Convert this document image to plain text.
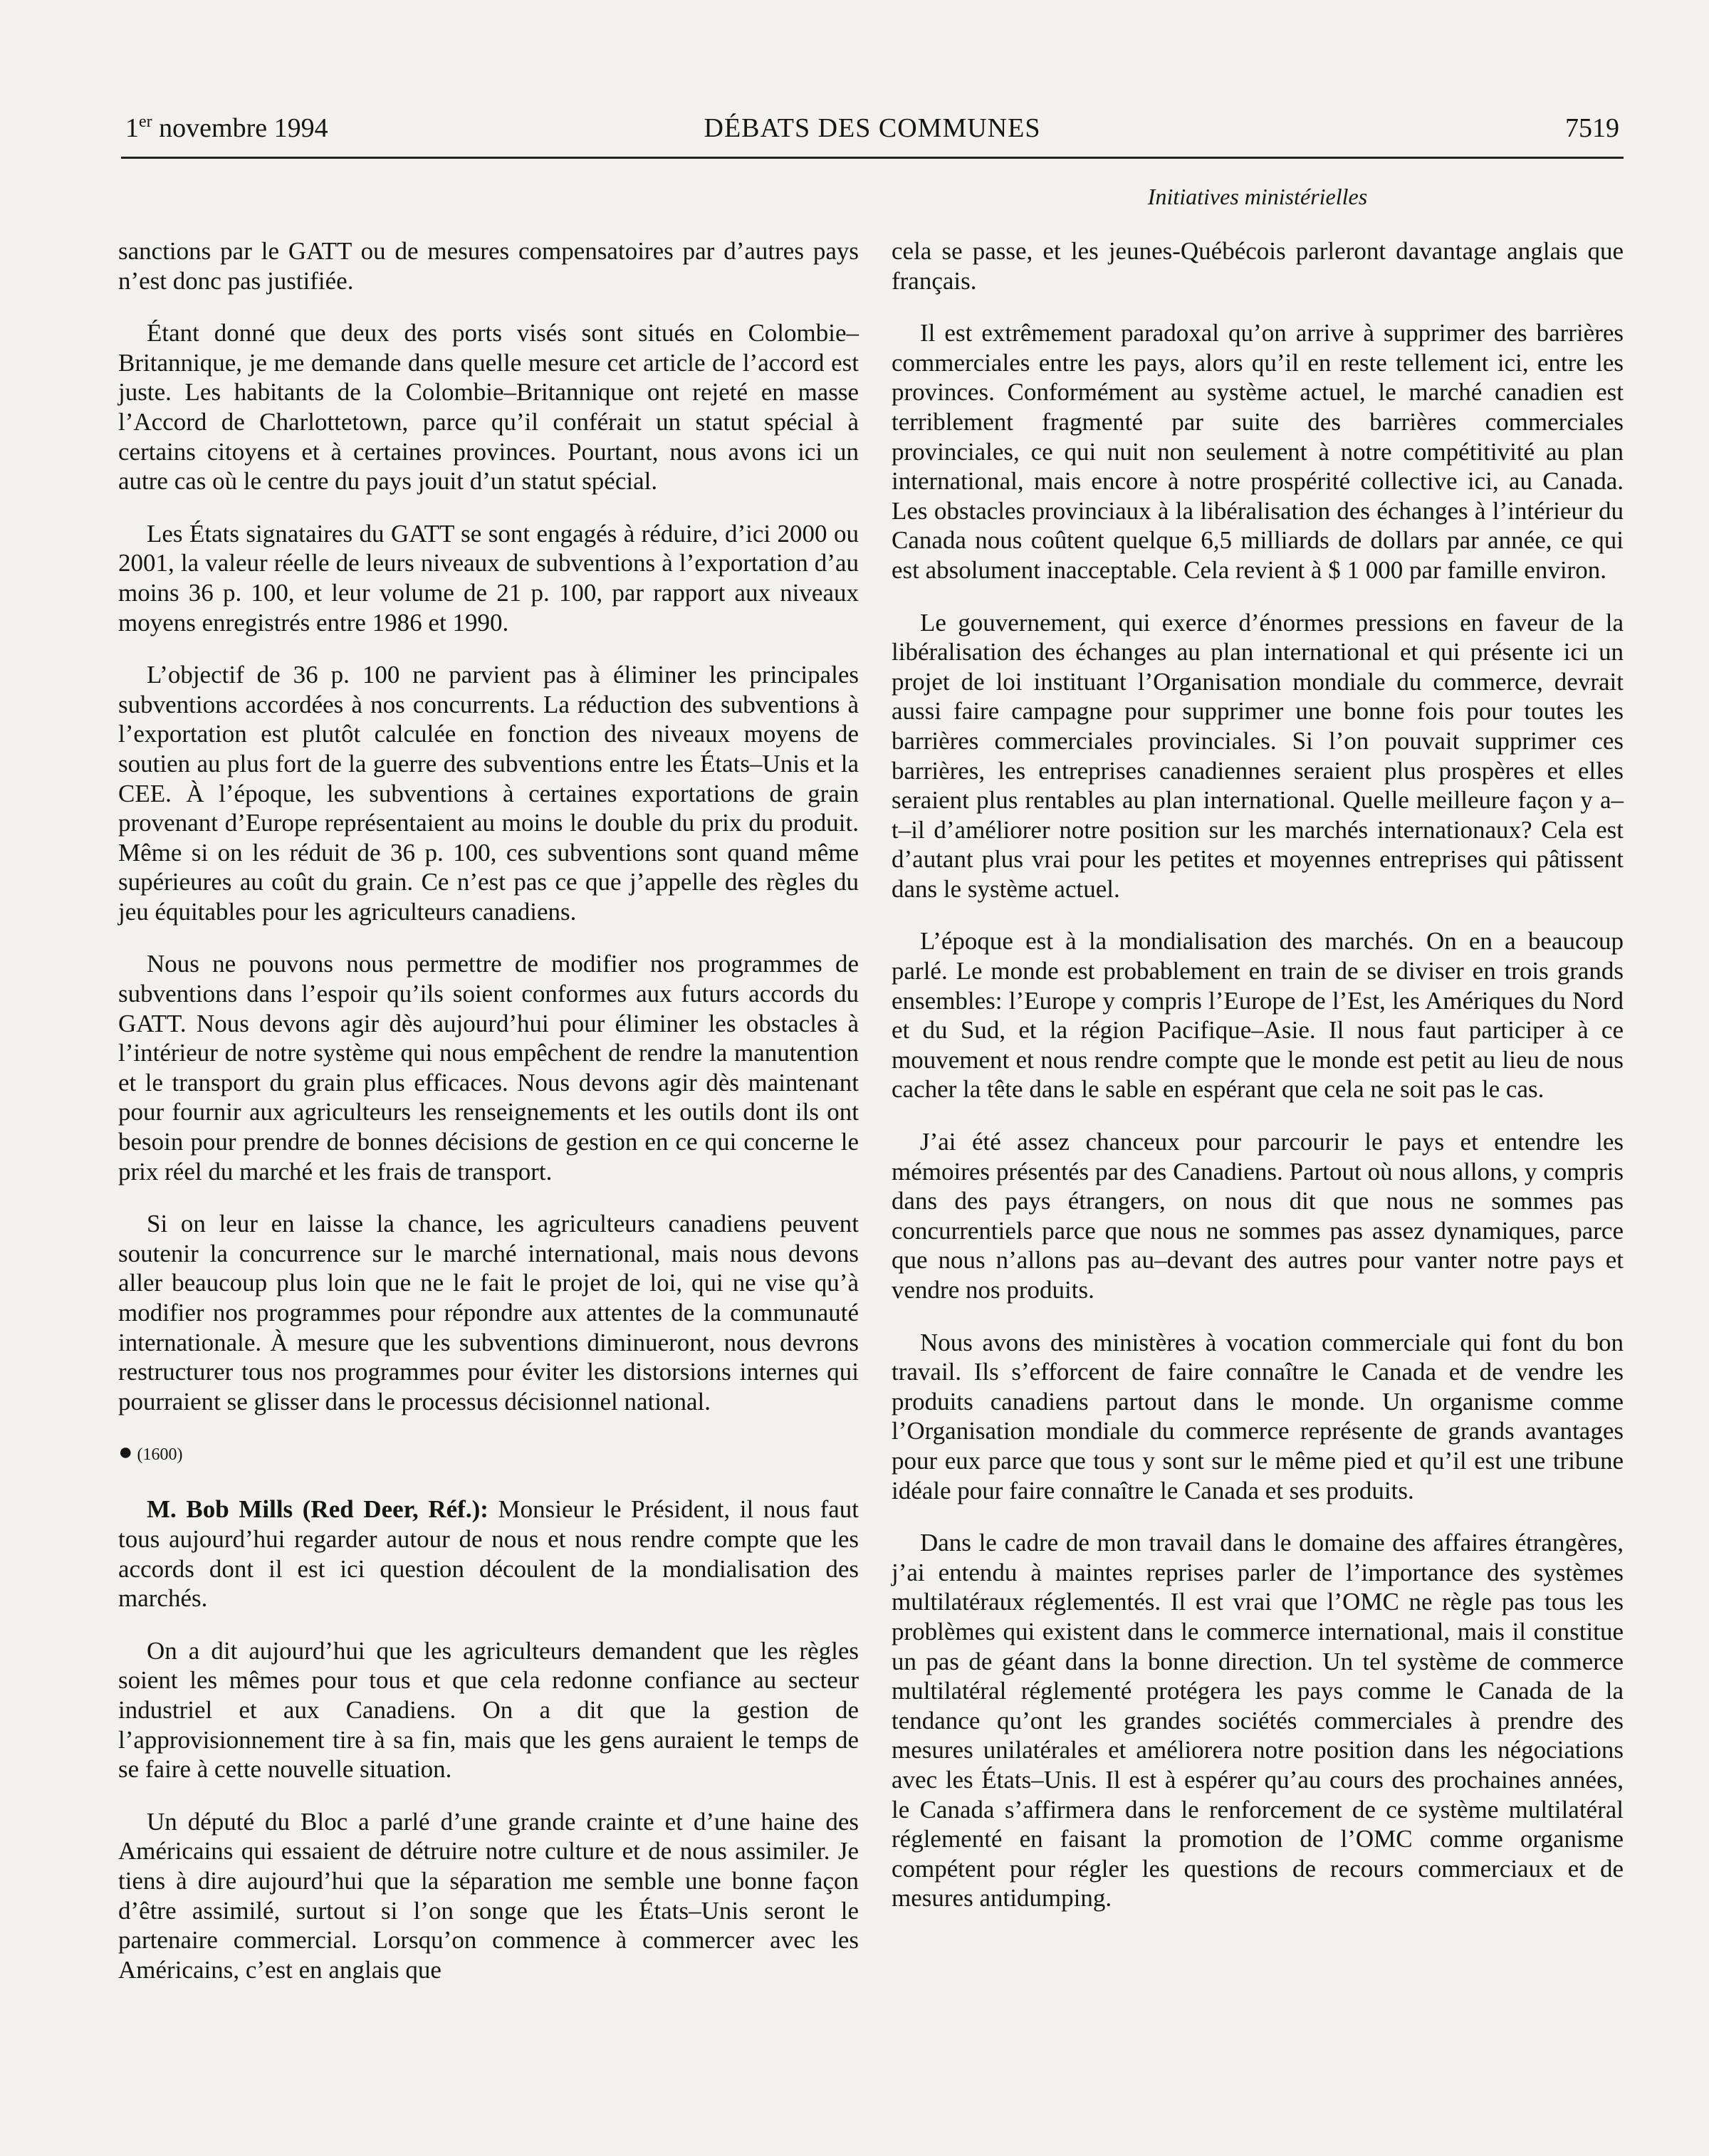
1er novembre 1994	DÉBATS DES COMMUNES	7519
Initiatives ministérielles

sanctions par le GATT ou de mesures compensatoires par d’autres pays n’est donc pas justifiée.

Étant donné que deux des ports visés sont situés en Colombie–Britannique, je me demande dans quelle mesure cet article de l’accord est juste. Les habitants de la Colombie–Britannique ont rejeté en masse l’Accord de Charlottetown, parce qu’il conférait un statut spécial à certains citoyens et à certaines provinces. Pourtant, nous avons ici un autre cas où le centre du pays jouit d’un statut spécial.

Les États signataires du GATT se sont engagés à réduire, d’ici 2000 ou 2001, la valeur réelle de leurs niveaux de subventions à l’exportation d’au moins 36 p. 100, et leur volume de 21 p. 100, par rapport aux niveaux moyens enregistrés entre 1986 et 1990.

L’objectif de 36 p. 100 ne parvient pas à éliminer les principales subventions accordées à nos concurrents. La réduction des subventions à l’exportation est plutôt calculée en fonction des niveaux moyens de soutien au plus fort de la guerre des subventions entre les États–Unis et la CEE. À l’époque, les subventions à certaines exportations de grain provenant d’Europe représentaient au moins le double du prix du produit. Même si on les réduit de 36 p. 100, ces subventions sont quand même supérieures au coût du grain. Ce n’est pas ce que j’appelle des règles du jeu équitables pour les agriculteurs canadiens.

Nous ne pouvons nous permettre de modifier nos programmes de subventions dans l’espoir qu’ils soient conformes aux futurs accords du GATT. Nous devons agir dès aujourd’hui pour éliminer les obstacles à l’intérieur de notre système qui nous empêchent de rendre la manutention et le transport du grain plus efficaces. Nous devons agir dès maintenant pour fournir aux agriculteurs les renseignements et les outils dont ils ont besoin pour prendre de bonnes décisions de gestion en ce qui concerne le prix réel du marché et les frais de transport.

Si on leur en laisse la chance, les agriculteurs canadiens peuvent soutenir la concurrence sur le marché international, mais nous devons aller beaucoup plus loin que ne le fait le projet de loi, qui ne vise qu’à modifier nos programmes pour répondre aux attentes de la communauté internationale. À mesure que les subventions diminueront, nous devrons restructurer tous nos programmes pour éviter les distorsions internes qui pourraient se glisser dans le processus décisionnel national.

● (1600)

M. Bob Mills (Red Deer, Réf.): Monsieur le Président, il nous faut tous aujourd’hui regarder autour de nous et nous rendre compte que les accords dont il est ici question découlent de la mondialisation des marchés.

On a dit aujourd’hui que les agriculteurs demandent que les règles soient les mêmes pour tous et que cela redonne confiance au secteur industriel et aux Canadiens. On a dit que la gestion de l’approvisionnement tire à sa fin, mais que les gens auraient le temps de se faire à cette nouvelle situation.

Un député du Bloc a parlé d’une grande crainte et d’une haine des Américains qui essaient de détruire notre culture et de nous assimiler. Je tiens à dire aujourd’hui que la séparation me semble une bonne façon d’être assimilé, surtout si l’on songe que les États–Unis seront le partenaire commercial. Lorsqu’on commence à commercer avec les Américains, c’est en anglais que

cela se passe, et les jeunes-Québécois parleront davantage anglais que français.

Il est extrêmement paradoxal qu’on arrive à supprimer des barrières commerciales entre les pays, alors qu’il en reste tellement ici, entre les provinces. Conformément au système actuel, le marché canadien est terriblement fragmenté par suite des barrières commerciales provinciales, ce qui nuit non seulement à notre compétitivité au plan international, mais encore à notre prospérité collective ici, au Canada. Les obstacles provinciaux à la libéralisation des échanges à l’intérieur du Canada nous coûtent quelque 6,5 milliards de dollars par année, ce qui est absolument inacceptable. Cela revient à $ 1 000 par famille environ.

Le gouvernement, qui exerce d’énormes pressions en faveur de la libéralisation des échanges au plan international et qui présente ici un projet de loi instituant l’Organisation mondiale du commerce, devrait aussi faire campagne pour supprimer une bonne fois pour toutes les barrières commerciales provinciales. Si l’on pouvait supprimer ces barrières, les entreprises canadiennes seraient plus prospères et elles seraient plus rentables au plan international. Quelle meilleure façon y a–t–il d’améliorer notre position sur les marchés internationaux? Cela est d’autant plus vrai pour les petites et moyennes entreprises qui pâtissent dans le système actuel.

L’époque est à la mondialisation des marchés. On en a beaucoup parlé. Le monde est probablement en train de se diviser en trois grands ensembles: l’Europe y compris l’Europe de l’Est, les Amériques du Nord et du Sud, et la région Pacifique–Asie. Il nous faut participer à ce mouvement et nous rendre compte que le monde est petit au lieu de nous cacher la tête dans le sable en espérant que cela ne soit pas le cas.

J’ai été assez chanceux pour parcourir le pays et entendre les mémoires présentés par des Canadiens. Partout où nous allons, y compris dans des pays étrangers, on nous dit que nous ne sommes pas concurrentiels parce que nous ne sommes pas assez dynamiques, parce que nous n’allons pas au–devant des autres pour vanter notre pays et vendre nos produits.

Nous avons des ministères à vocation commerciale qui font du bon travail. Ils s’efforcent de faire connaître le Canada et de vendre les produits canadiens partout dans le monde. Un organisme comme l’Organisation mondiale du commerce représente de grands avantages pour eux parce que tous y sont sur le même pied et qu’il est une tribune idéale pour faire connaître le Canada et ses produits.

Dans le cadre de mon travail dans le domaine des affaires étrangères, j’ai entendu à maintes reprises parler de l’importance des systèmes multilatéraux réglementés. Il est vrai que l’OMC ne règle pas tous les problèmes qui existent dans le commerce international, mais il constitue un pas de géant dans la bonne direction. Un tel système de commerce multilatéral réglementé protégera les pays comme le Canada de la tendance qu’ont les grandes sociétés commerciales à prendre des mesures unilatérales et améliorera notre position dans les négociations avec les États–Unis. Il est à espérer qu’au cours des prochaines années, le Canada s’affirmera dans le renforcement de ce système multilatéral réglementé en faisant la promotion de l’OMC comme organisme compétent pour régler les questions de recours commerciaux et de mesures antidumping.
